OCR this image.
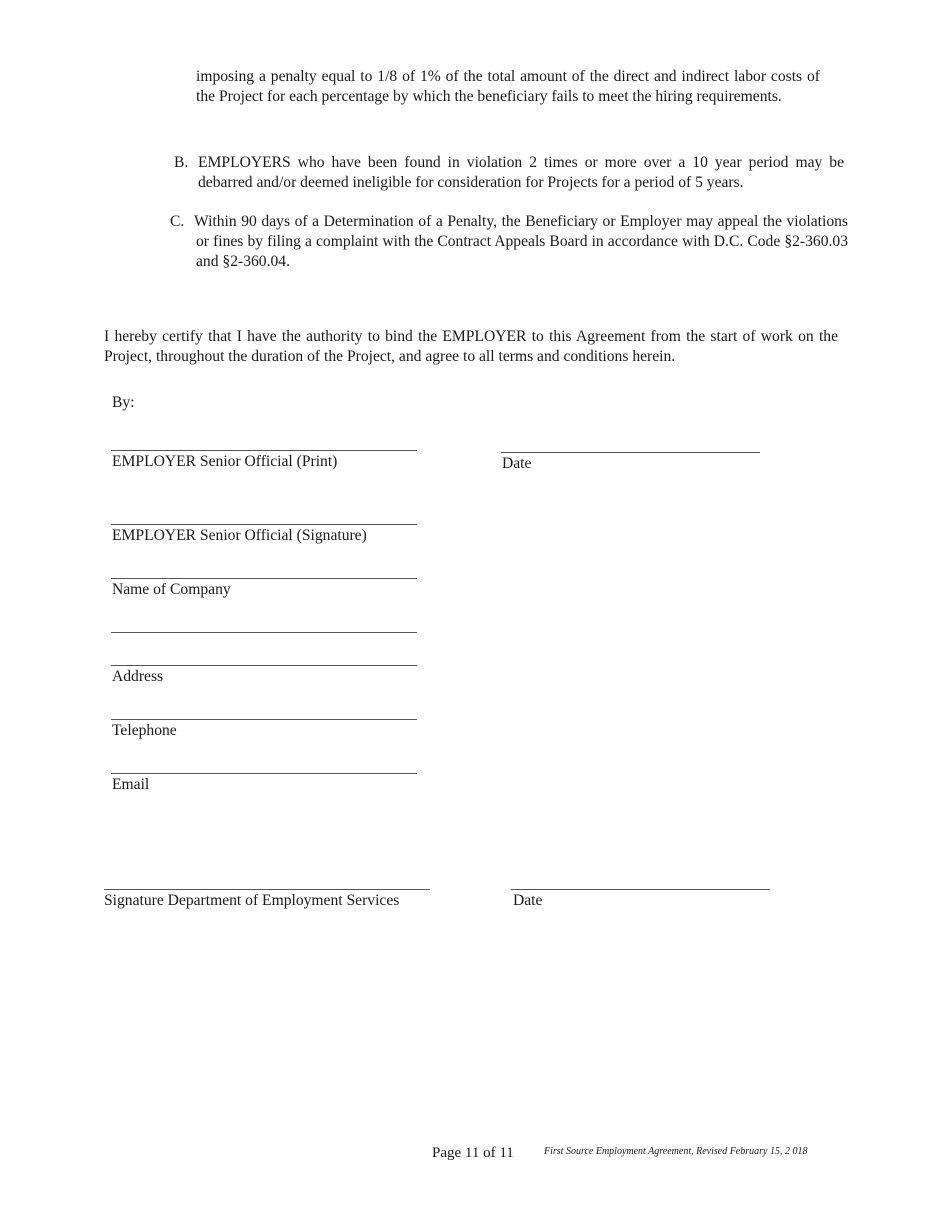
imposing a penalty equal to 1/8 of 1% of the total amount of the direct and indirect labor costs of the Project for each percentage by which the beneficiary fails to meet the hiring requirements.
B. EMPLOYERS who have been found in violation 2 times or more over a 10 year period may be debarred and/or deemed ineligible for consideration for Projects for a period of 5 years.
C. Within 90 days of a Determination of a Penalty, the Beneficiary or Employer may appeal the violations or fines by filing a complaint with the Contract Appeals Board in accordance with D.C. Code §2-360.03 and §2-360.04.
I hereby certify that I have the authority to bind the EMPLOYER to this Agreement from the start of work on the Project, throughout the duration of the Project, and agree to all terms and conditions herein.
By:
EMPLOYER Senior Official (Print)	Date
EMPLOYER Senior Official (Signature)
Name of Company
Address
Telephone
Email
Signature Department of Employment Services	Date
Page 11 of 11	First Source Employment Agreement, Revised February 15, 2 018
